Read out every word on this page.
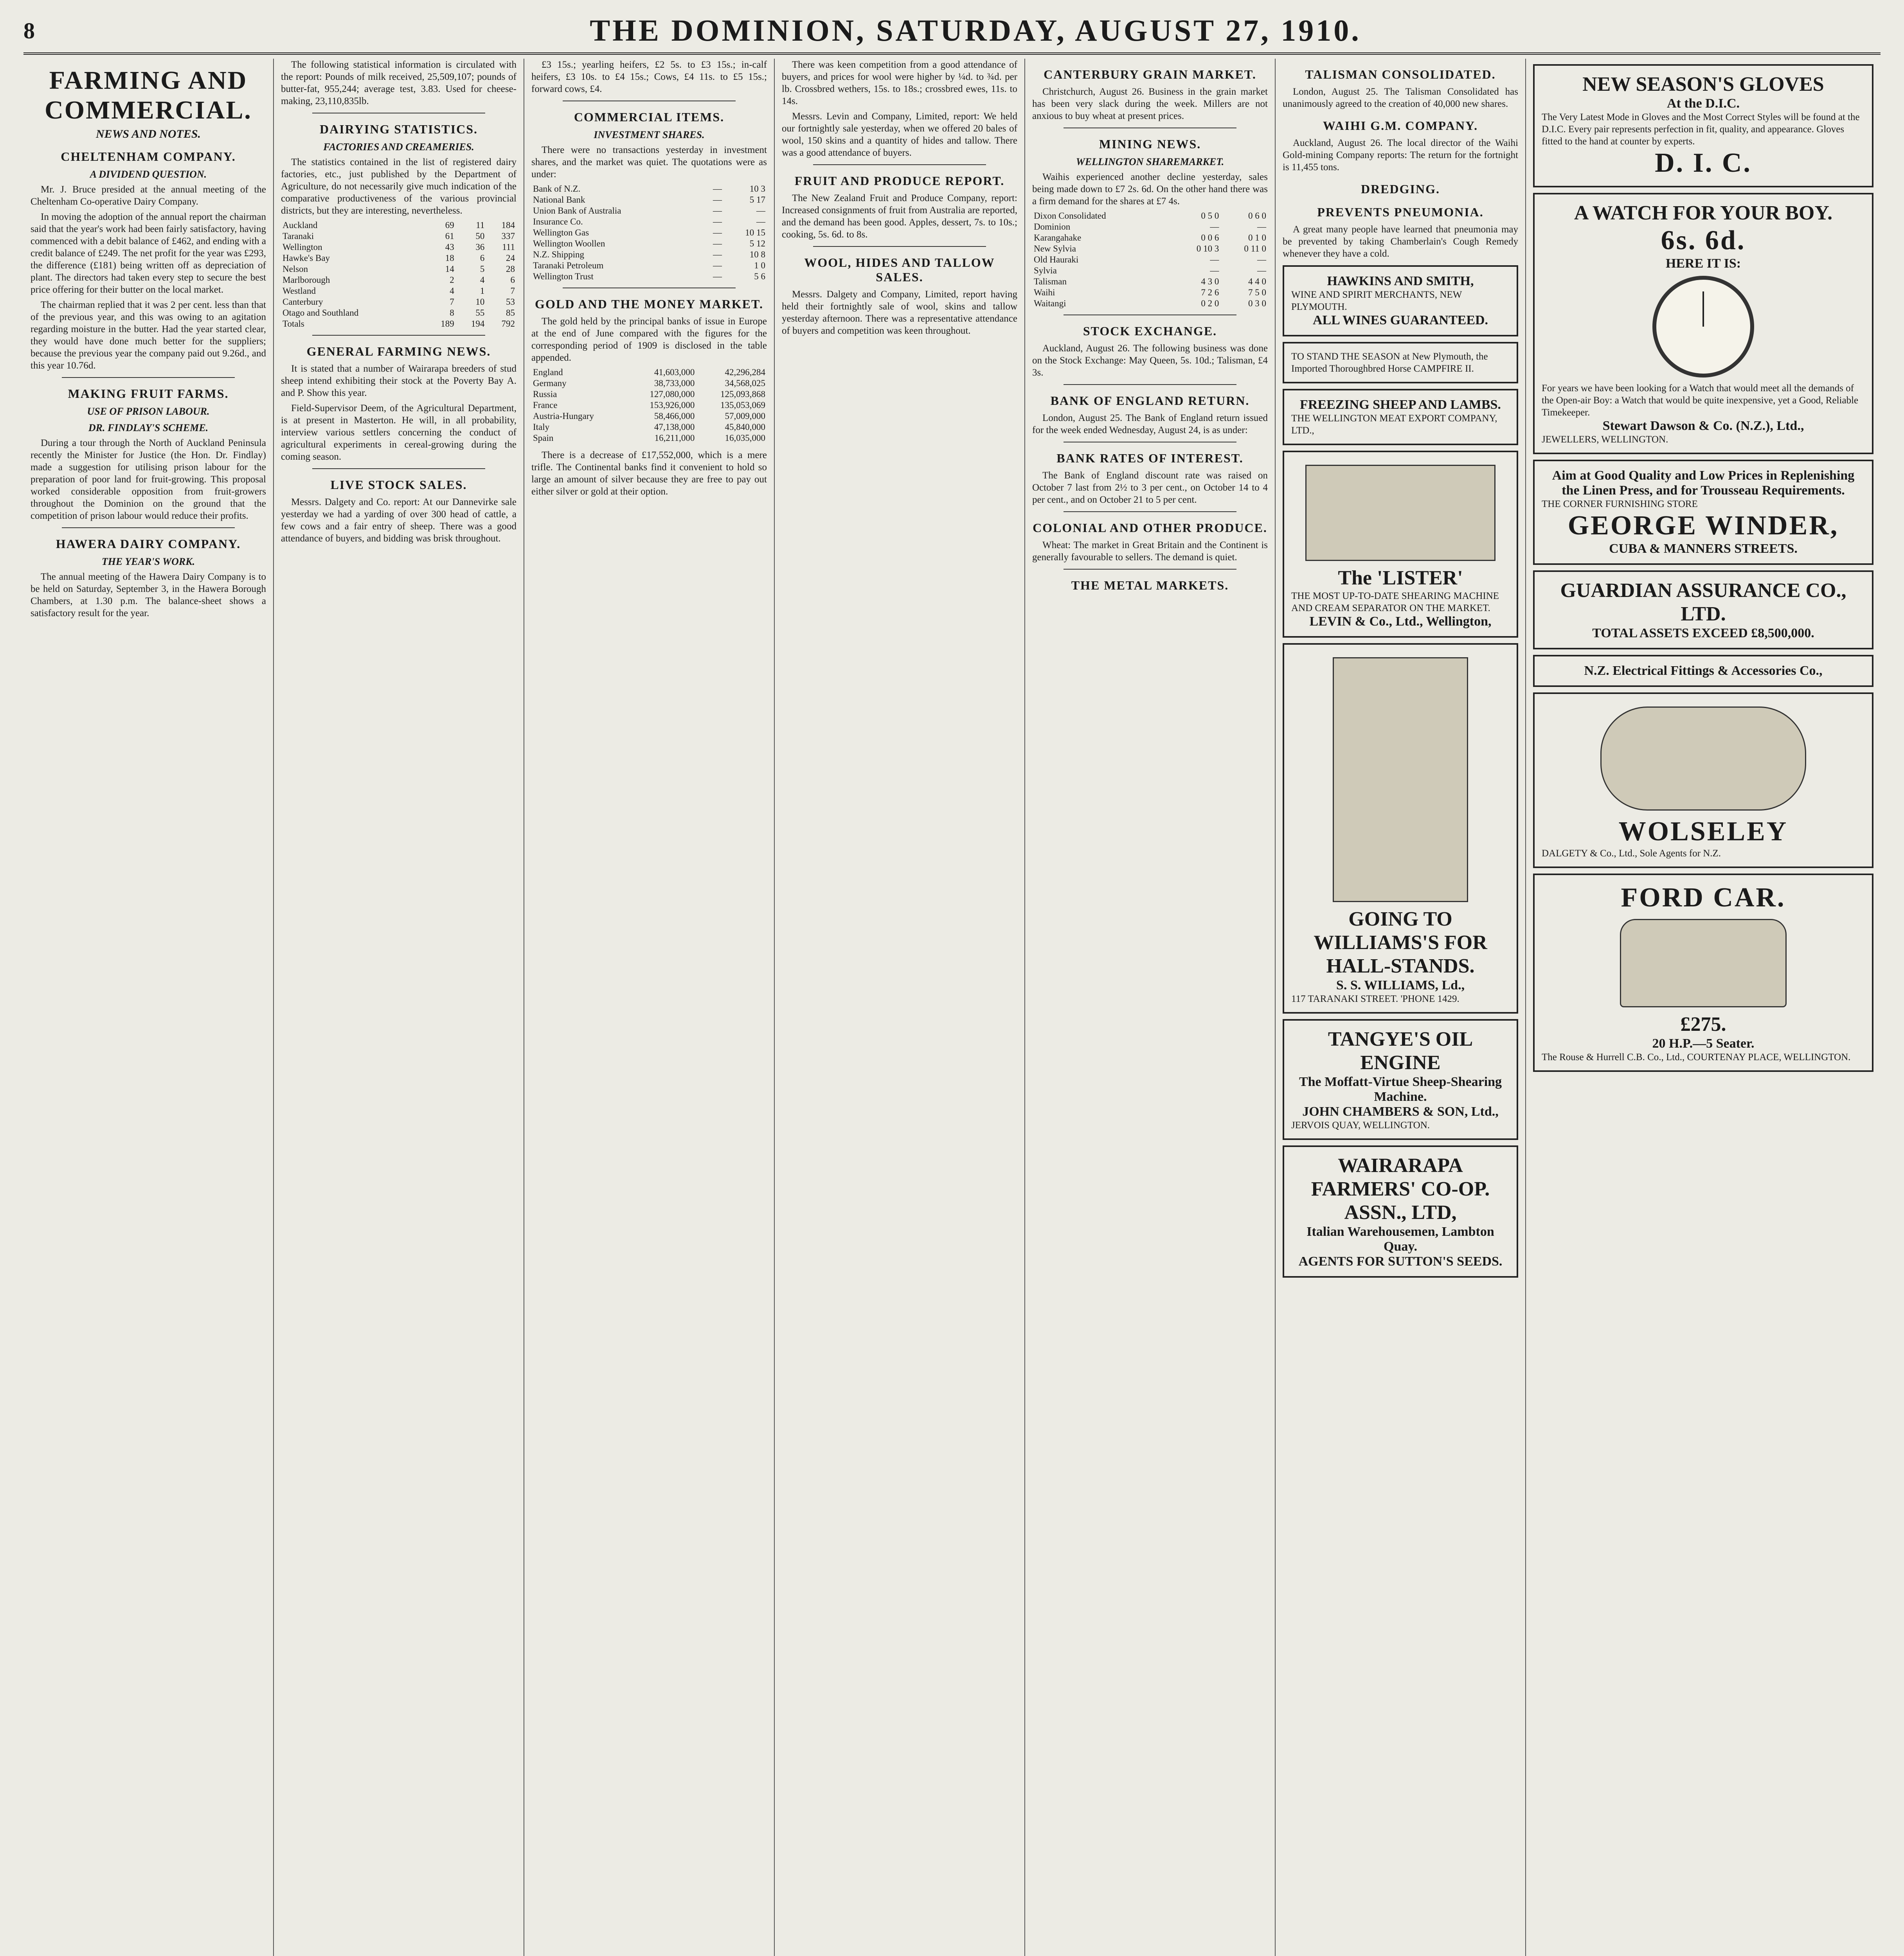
8	THE DOMINION, SATURDAY, AUGUST 27, 1910.
FARMING AND COMMERCIAL.
NEWS AND NOTES.
CHELTENHAM COMPANY.
A DIVIDEND QUESTION.

Mr. J. Bruce presided at the annual meeting of the Cheltenham Co-operative Dairy Company.

In moving the adoption of the annual report the chairman said that the year's work had been fairly satisfactory, having commenced with a debit balance of £462, and ending with a credit balance of £249. The net profit for the year was £293, the difference (£181) being written off as depreciation of plant. The directors had taken every step to secure the best price offering for their butter on the local market.

The chairman replied that it was 2 per cent. less than that of the previous year, and this was owing to an agitation regarding moisture in the butter. Had the year started clear, they would have done much better for the suppliers; because the previous year the company paid out 9.26d., and this year 10.76d.

MAKING FRUIT FARMS.
USE OF PRISON LABOUR.
DR. FINDLAY'S SCHEME.

During a tour through the North of Auckland Peninsula recently the Minister for Justice (the Hon. Dr. Findlay) made a suggestion for utilising prison labour for the preparation of poor land for fruit-growing. This proposal worked considerable opposition from fruit-growers throughout the Dominion on the ground that the competition of prison labour would reduce their profits.

HAWERA DAIRY COMPANY.
THE YEAR'S WORK.

The annual meeting of the Hawera Dairy Company is to be held on Saturday, September 3, in the Hawera Borough Chambers, at 1.30 p.m. The balance-sheet shows a satisfactory result for the year.

The following statistical information is circulated with the report: Pounds of milk received, 25,509,107; pounds of butter-fat, 955,244; average test, 3.83. Used for cheese-making, 23,110,835lb.

DAIRYING STATISTICS.
FACTORIES AND CREAMERIES.

The statistics contained in the list of registered dairy factories, etc., just published by the Department of Agriculture, do not necessarily give much indication of the comparative productiveness of the various provincial districts, but they are interesting, nevertheless.

Auckland	69	11	184
Taranaki	61	50	337
Wellington	43	36	111
Hawke's Bay	18	6	24
Nelson	14	5	28
Marlborough	2	4	6
Westland	4	1	7
Canterbury	7	10	53
Otago and Southland	8	55	85
Totals	189	194	792
GENERAL FARMING NEWS.

It is stated that a number of Wairarapa breeders of stud sheep intend exhibiting their stock at the Poverty Bay A. and P. Show this year.

Field-Supervisor Deem, of the Agricultural Department, is at present in Masterton. He will, in all probability, interview various settlers concerning the conduct of agricultural experiments in cereal-growing during the coming season.

LIVE STOCK SALES.

Messrs. Dalgety and Co. report: At our Dannevirke sale yesterday we had a yarding of over 300 head of cattle, a few cows and a fair entry of sheep. There was a good attendance of buyers, and bidding was brisk throughout.

£3 15s.; yearling heifers, £2 5s. to £3 15s.; in-calf heifers, £3 10s. to £4 15s.; Cows, £4 11s. to £5 15s.; forward cows, £4.

COMMERCIAL ITEMS.
INVESTMENT SHARES.

There were no transactions yesterday in investment shares, and the market was quiet. The quotations were as under:

Bank of N.Z.	—	10 3
National Bank	—	5 17
Union Bank of Australia	—	—
Insurance Co.	—	—
Wellington Gas	—	10 15
Wellington Woollen	—	5 12
N.Z. Shipping	—	10 8
Taranaki Petroleum	—	1 0
Wellington Trust	—	5 6
GOLD AND THE MONEY MARKET.

The gold held by the principal banks of issue in Europe at the end of June compared with the figures for the corresponding period of 1909 is disclosed in the table appended.

England	41,603,000	42,296,284
Germany	38,733,000	34,568,025
Russia	127,080,000	125,093,868
France	153,926,000	135,053,069
Austria-Hungary	58,466,000	57,009,000
Italy	47,138,000	45,840,000
Spain	16,211,000	16,035,000

There is a decrease of £17,552,000, which is a mere trifle. The Continental banks find it convenient to hold so large an amount of silver because they are free to pay out either silver or gold at their option.

There was keen competition from a good attendance of buyers, and prices for wool were higher by ¼d. to ¾d. per lb. Crossbred wethers, 15s. to 18s.; crossbred ewes, 11s. to 14s.

Messrs. Levin and Company, Limited, report: We held our fortnightly sale yesterday, when we offered 20 bales of wool, 150 skins and a quantity of hides and tallow. There was a good attendance of buyers.

FRUIT AND PRODUCE REPORT.

The New Zealand Fruit and Produce Company, report: Increased consignments of fruit from Australia are reported, and the demand has been good. Apples, dessert, 7s. to 10s.; cooking, 5s. 6d. to 8s.

WOOL, HIDES AND TALLOW SALES.

Messrs. Dalgety and Company, Limited, report having held their fortnightly sale of wool, skins and tallow yesterday afternoon. There was a representative attendance of buyers and competition was keen throughout.

CANTERBURY GRAIN MARKET.

Christchurch, August 26. Business in the grain market has been very slack during the week. Millers are not anxious to buy wheat at present prices.

MINING NEWS.
WELLINGTON SHAREMARKET.

Waihis experienced another decline yesterday, sales being made down to £7 2s. 6d. On the other hand there was a firm demand for the shares at £7 4s.

Dixon Consolidated	0 5 0	0 6 0
Dominion	—	—
Karangahake	0 0 6	0 1 0
New Sylvia	0 10 3	0 11 0
Old Hauraki	—	—
Sylvia	—	—
Talisman	4 3 0	4 4 0
Waihi	7 2 6	7 5 0
Waitangi	0 2 0	0 3 0
STOCK EXCHANGE.

Auckland, August 26. The following business was done on the Stock Exchange: May Queen, 5s. 10d.; Talisman, £4 3s.

BANK OF ENGLAND RETURN.

London, August 25. The Bank of England return issued for the week ended Wednesday, August 24, is as under:

BANK RATES OF INTEREST.

The Bank of England discount rate was raised on October 7 last from 2½ to 3 per cent., on October 14 to 4 per cent., and on October 21 to 5 per cent.

COLONIAL AND OTHER PRODUCE.

Wheat: The market in Great Britain and the Continent is generally favourable to sellers. The demand is quiet.

THE METAL MARKETS.
TALISMAN CONSOLIDATED.

London, August 25. The Talisman Consolidated has unanimously agreed to the creation of 40,000 new shares.

WAIHI G.M. COMPANY.

Auckland, August 26. The local director of the Waihi Gold-mining Company reports: The return for the fortnight is 11,455 tons.

DREDGING.
PREVENTS PNEUMONIA.

A great many people have learned that pneumonia may be prevented by taking Chamberlain's Cough Remedy whenever they have a cold.

HAWKINS AND SMITH,
WINE AND SPIRIT MERCHANTS, NEW PLYMOUTH.
ALL WINES GUARANTEED.
TO STAND THE SEASON at New Plymouth, the Imported Thoroughbred Horse CAMPFIRE II.
FREEZING SHEEP AND LAMBS.
THE WELLINGTON MEAT EXPORT COMPANY, LTD.,
The 'LISTER'
THE MOST UP-TO-DATE SHEARING MACHINE AND CREAM SEPARATOR ON THE MARKET.
LEVIN & Co., Ltd., Wellington,
GOING TO WILLIAMS'S FOR HALL-STANDS.
S. S. WILLIAMS, Ld.,
117 TARANAKI STREET. 'PHONE 1429.
TANGYE'S OIL ENGINE
The Moffatt-Virtue Sheep-Shearing Machine.
JOHN CHAMBERS & SON, Ltd.,
JERVOIS QUAY, WELLINGTON.
WAIRARAPA FARMERS' CO-OP. ASSN., LTD,
Italian Warehousemen, Lambton Quay.
AGENTS FOR SUTTON'S SEEDS.
NEW SEASON'S GLOVES
At the D.I.C.
The Very Latest Mode in Gloves and the Most Correct Styles will be found at the D.I.C. Every pair represents perfection in fit, quality, and appearance. Gloves fitted to the hand at counter by experts.
D. I. C.
A WATCH FOR YOUR BOY.
6s. 6d.
HERE IT IS:
For years we have been looking for a Watch that would meet all the demands of the Open-air Boy: a Watch that would be quite inexpensive, yet a Good, Reliable Timekeeper.
Stewart Dawson & Co. (N.Z.), Ltd.,
JEWELLERS, WELLINGTON.
Aim at Good Quality and Low Prices in Replenishing the Linen Press, and for Trousseau Requirements.
THE CORNER FURNISHING STORE
GEORGE WINDER,
CUBA & MANNERS STREETS.
GUARDIAN ASSURANCE CO., LTD.
TOTAL ASSETS EXCEED £8,500,000.
N.Z. Electrical Fittings & Accessories Co.,
WOLSELEY
DALGETY & Co., Ltd., Sole Agents for N.Z.
FORD CAR.
£275.
20 H.P.—5 Seater.
The Rouse & Hurrell C.B. Co., Ltd., COURTENAY PLACE, WELLINGTON.
